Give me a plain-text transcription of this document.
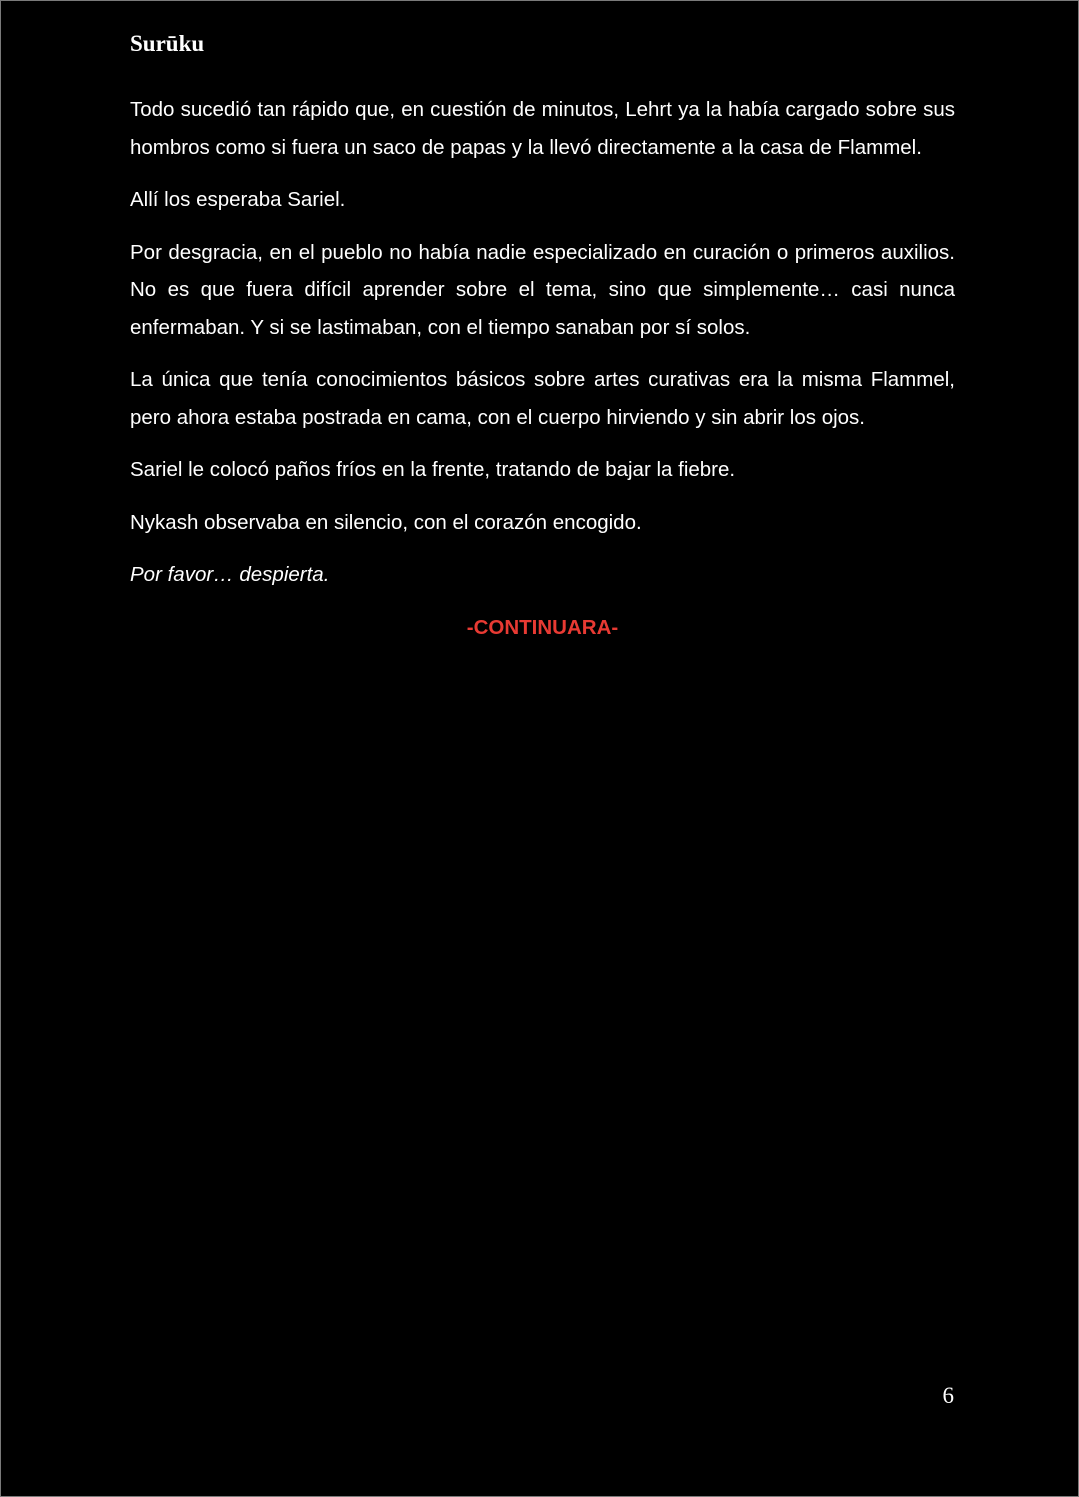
Surūku

Todo sucedió tan rápido que, en cuestión de minutos, Lehrt ya la había cargado sobre sus hombros como si fuera un saco de papas y la llevó directamente a la casa de Flammel.

Allí los esperaba Sariel.

Por desgracia, en el pueblo no había nadie especializado en curación o primeros auxilios. No es que fuera difícil aprender sobre el tema, sino que simplemente… casi nunca enfermaban. Y si se lastimaban, con el tiempo sanaban por sí solos.

La única que tenía conocimientos básicos sobre artes curativas era la misma Flammel, pero ahora estaba postrada en cama, con el cuerpo hirviendo y sin abrir los ojos.

Sariel le colocó paños fríos en la frente, tratando de bajar la fiebre.

Nykash observaba en silencio, con el corazón encogido.

Por favor… despierta.

-CONTINUARA-

6
